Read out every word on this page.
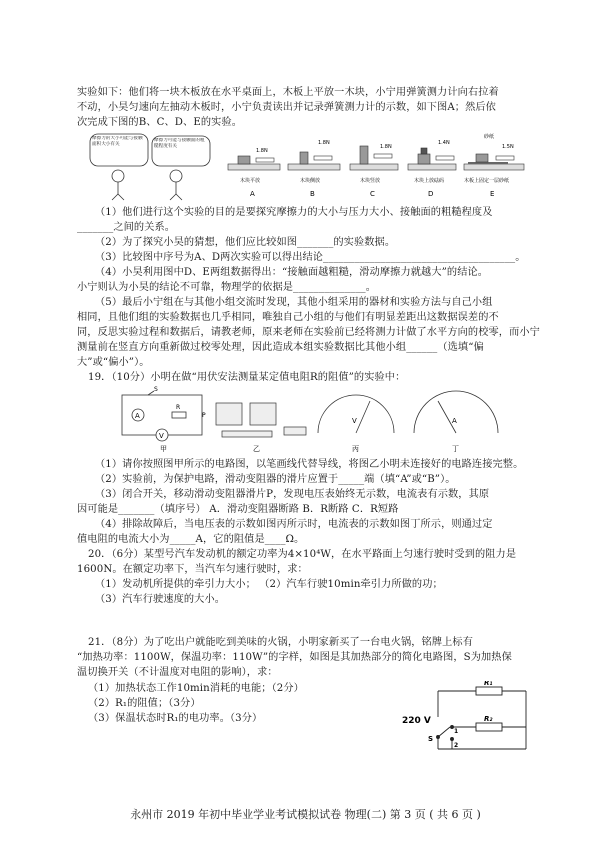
实验如下：他们将一块木板放在水平桌面上，木板上平放一木块，小宁用弹簧测力计向右拉着
不动，小昊匀速向左抽动木板时，小宁负责读出并记录弹簧测力计的示数，如下图A；然后依
次完成下图的B、C、D、E的实验。
摩擦力的大小可能与接触面积大小有关
摩擦力可能与接触面的粗糙程度有关
1.8N
木块平放
A
1.8N
木块侧放
B
1.8N
木块竖放
C
1.4N
木块上放砝码
D
砂纸
1.5N
木板上固定一层砂纸
E
（1）他们进行这个实验的目的是要探究摩擦力的大小与压力大小、接触面的粗糙程度及
_______之间的关系。
（2）为了探究小昊的猜想，他们应比较如图_______的实验数据。
（3）比较图中序号为A、D两次实验可以得出结论_____________________________________。
（4）小昊利用图中D、E两组数据得出：“接触面越粗糙，滑动摩擦力就越大”的结论。
小宁则认为小昊的结论不可靠，物理学的依据是______________。
（5）最后小宁组在与其他小组交流时发现，其他小组采用的器材和实验方法与自己小组
相同，且他们组的实验数据也几乎相同，唯独自己小组的与他们有明显差距出这数据误差的不
同，反思实验过程和数据后，请教老师，原来老师在实验前已经将测力计做了水平方向的校零，而小宁
测量前在竖直方向重新做过校零处理，因此造成本组实验数据比其他小组______（选填“偏
大”或“偏小”）。
19．（10分）小明在做“用伏安法测量某定值电阻R的阻值”的实验中：
A
V
R
S
P
甲	乙
V
丙
A
丁
（1）请你按照图甲所示的电路图，以笔画线代替导线，将图乙小明未连接好的电路连接完整。
（2）实验前，为保护电路，滑动变阻器的滑片应置于_____端（填“A”或“B”）。
（3）闭合开关，移动滑动变阻器滑片P，发现电压表始终无示数，电流表有示数，其原
因可能是_______（填序号） A．滑动变阻器断路 B．R断路 C．R短路
（4）排除故障后，当电压表的示数如图丙所示时，电流表的示数如图丁所示，则通过定
值电阻的电流大小为_____A，它的阻值是____Ω。
20．（6分）某型号汽车发动机的额定功率为4×10⁴W，在水平路面上匀速行驶时受到的阻力是
1600N。在额定功率下，当汽车匀速行驶时，求：
（1）发动机所提供的牵引力大小； （2）汽车行驶10min牵引力所做的功；
（3）汽车行驶速度的大小。
21．（8分）为了吃出户就能吃到美味的火锅，小明家新买了一台电火锅，铭牌上标有
“加热功率：1100W，保温功率：110W”的字样，如图是其加热部分的简化电路图，S为加热保
温切换开关（不计温度对电阻的影响），求：
（1）加热状态工作10min消耗的电能；（2分）
（2）R₁的阻值；（3分）
（3）保温状态时R₁的电功率。（3分）	220 V
R₁
R₂
S
1
2
永州市 2019 年初中毕业学业考试模拟试卷 物理(二) 第 3 页 ( 共 6 页 )
